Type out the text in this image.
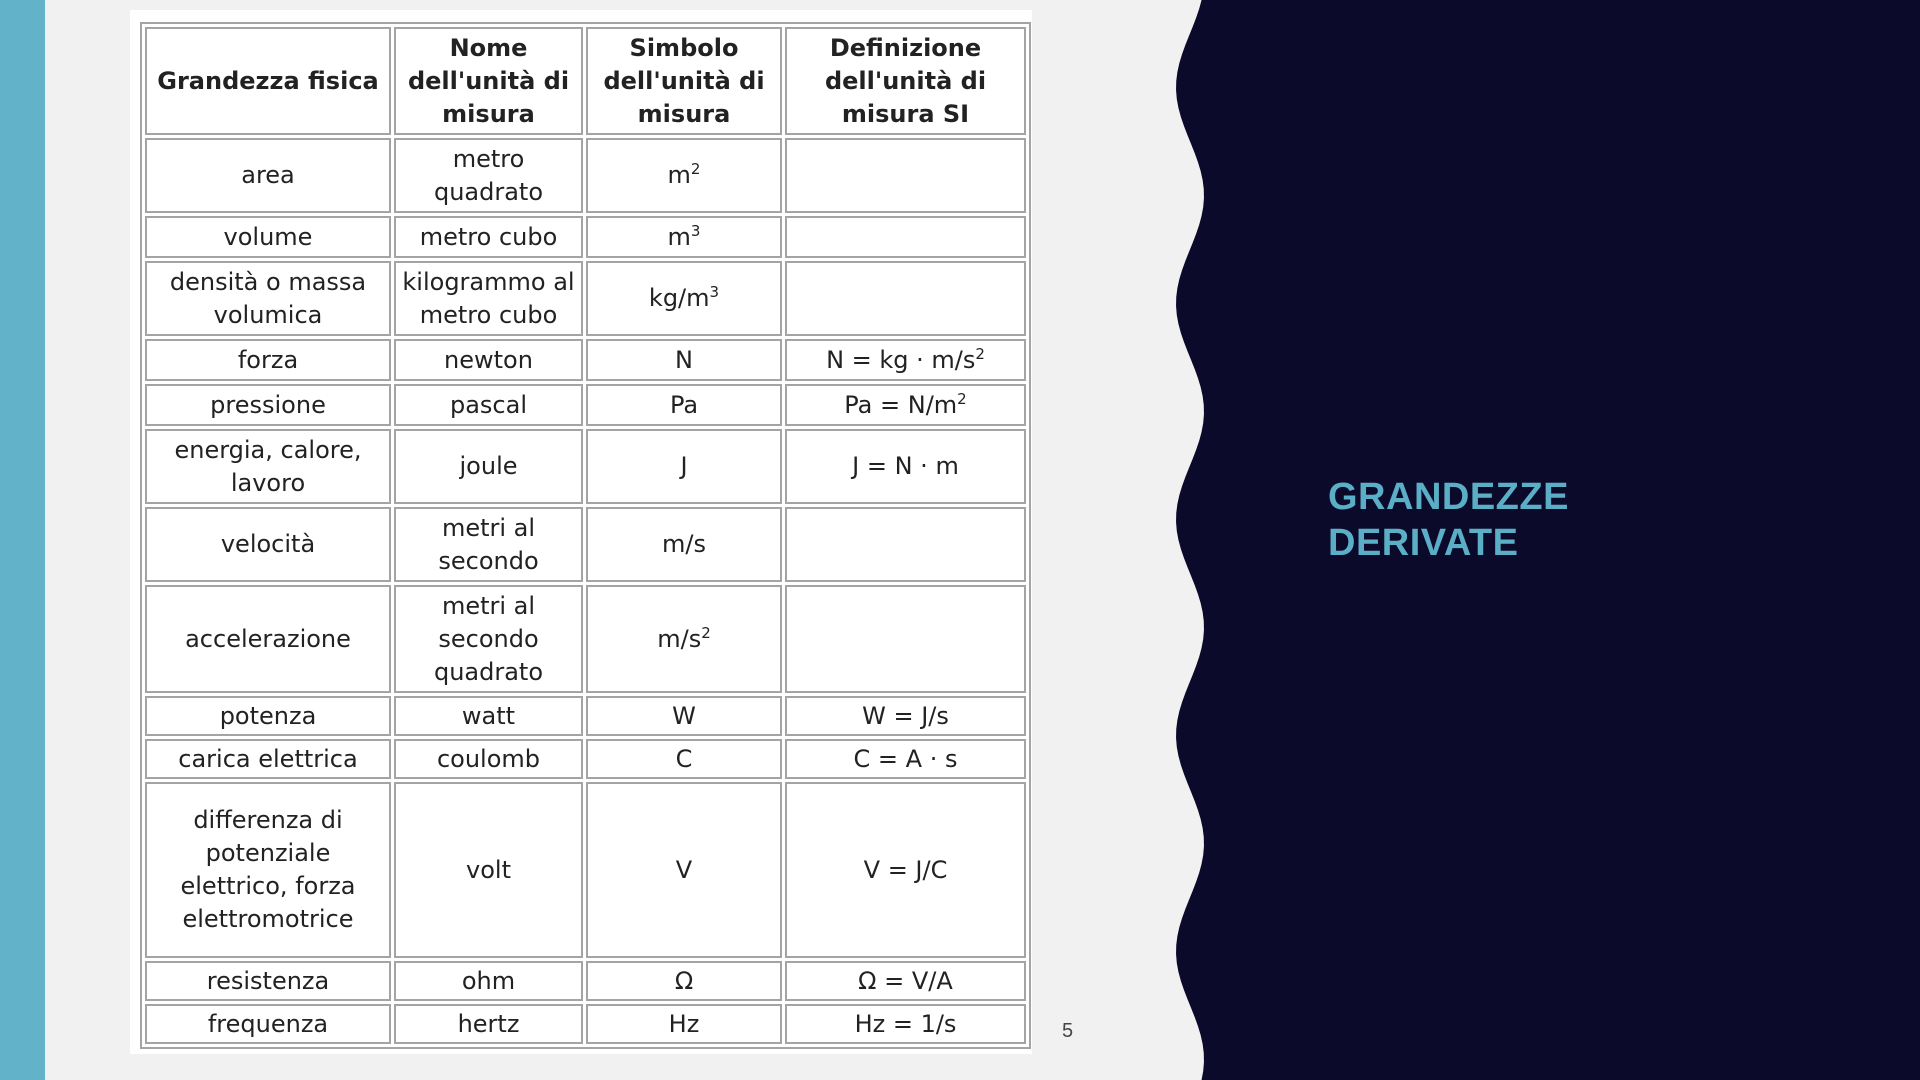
Grandezza fisica	Nome dell'unità di misura	Simbolo dell'unità di misura	Definizione dell'unità di misura SI
area	metro quadrato	$m^2$	
volume	metro cubo	$m^3$	
densità o massa volumica	kilogrammo al metro cubo	$kg/m^3$	
forza	newton	N	N = kg · $m/s^2$
pressione	pascal	Pa	$Pa = N/m^2$
energia, calore, lavoro	joule	J	J = N · m
velocità	metri al secondo	m/s	
accelerazione	metri al secondo quadrato	$m/s^2$	
potenza	watt	W	W = J/s
carica elettrica	coulomb	C	C = A · s
differenza di potenziale elettrico, forza elettromotrice	volt	V	V = J/C
resistenza	ohm	Ω	Ω = V/A
frequenza	hertz	Hz	Hz = 1/s	5
GRANDEZZE
DERIVATE
